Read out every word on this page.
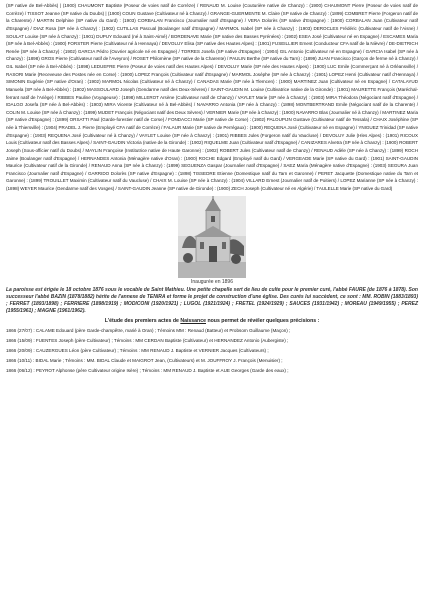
(SP native de Bel-Abbès) | (1900) CHAUMONT Baptiste (Poseur de voies natif de Corrèze) / RENAUD M. Louise (Couturière native de Chanzy) : (1900) CHAUMONT Pierre (Poseur de voies natif de Corrèze) / TISSOT Jeanne (SP native du Doubs) | (1900) COUN Gustave (Cultivateur né à Chanzy) / GRANGE-GUERMENTE M. Claire (SP native de Chanzy) : (1899) COMBRET Pierre (Forgeron natif de la Charente) / MARTIN Delphine (SP native du Gard) : (1903) CORBALAN Francisco (Journalier natif d'Espagne) / VERA Dolorès (SP native d'Espagne) : (1900) CORBALAN Juan (Cultivateur natif d'Espagne) / DIAZ Rosa (SP née à Chanzy) : (1902) CUTILLAS Pascual (Boulanger natif d'Espagne) / MARMOL Isabel (SP née à Chanzy) : (1903) DEROCLES Frédéric (Cultivateur natif de l'Aisne) / SOULAT Louise (SP née à Chanzy) : (1901) DUPUY Edouard (né à Saint-Aimé) / BORDENAVE Marie (SP native des Basses Pyrénées) : (1902) ESEA José (Cultivateur né en Espagne) / ESCAMES Maria (SP née à Bel-Abbès) : (1900) FORSTER Pierre (Cultivateur né à Hennaya) / DEVOLUY Elisa (SP native des Hautes Alpes) : (1901) FUSEILLIER Ernest (Conducteur CFA natif de la Nièvre) / DE-DIETRICH Renée (SP née à Chanzy) : (1902) GARCIA Pédro (Ouvrier agricole né en Espagne) / TORRES Josefa (SP native d'Espagne) : (1904) GIL Antonio (Cultivateur né en Espagne) / GARCIA Isabel (SP née à Chanzy) : (1898) GROS Pierre (Cultivateur natif de l'Aveyron) / ROSET Philomène (SP native de la Charente) / PAULIN Berthe (SP native du Tarn) : (1899) JUAN Francisco (Garçon de ferme né à Chanzy) / GIL Isabel (SP née à Bel-Abbès) : (1898) LEDUEFRE Pierre (Poseur de voies natif des Hautes Alpes) / DEVOLUY Marie (SP née des Hautes Alpes) : (1900) LUC Emile (Commerçant né à Orléansville) / RASORI Marie (Receveuse des Postes née en Corse) : (1900) LOPEZ François (Cultivateur natif d'Espagne) / MARMOL Joséphe (SP née à Chanzy) : (1901) LOPEZ Henri (Cultivateur natif d'Hennaya) / SIMONIN Eugénie (SP native d'Oran) : (1902) MARMOL Nicolas (Cultivateur né à Chanzy) / CANADAS Marie (SP née à Tlemcen) : (1900) MARTINEZ Juan (Cultivateur né en Espagne) / CATALAYUD Manuela (SP née à Bel-Abbès) : (1902) MASSOULARD Joseph (Gendarme natif des Deux-Sèvres) / SAINT-GAUDIN M. Louise (Cultivatrice native de la Gironde) : (1901) MAURETTE François (Maréchal-ferrant natif de l'Ariège) / RIBBES Pauline (Voyageuse) : (1898) MILLEROT Arsène (Cultivateur natif de Chanzy) / VAYLET Marie (SP née à Chanzy) : (1903) MIRA Théodora (Négociant natif d'Espagne) / IDALGO Josefa (SP née à Bel-Abbès) : (1903) MIRA Vicente (Cultivateur né à Bel-Abbès) / NAVARRO Antonia (SP née à Chanzy) : (1898) MONTBERTRAND Emile (Négociant natif de la Charente) / COLIN M. Louise (SP née à Chanzy) : (1899) MUDET François (Négociant natif des Deux Sèvres) / VERNIER Marie (SP née à Chanzy) : (1900) NAVARRO Blas (Journalier né à Chanzy) / MARTINEZ Maria (SP native d'Espagne) : (1899) ORSATTI Paul (Garde-forestier natif de Corse) / FONDACCI Marie (SP native de Corse) : (1902) PALOUPIJN Gustave (Cultivateur natif de Tessala) / CHAIX Joséphine (SP née à Thiersville) : (1904) PRADEL J. Pierre (Employé CFA natif de Corrèze) / FALAUR Marie (SP native de Perrégaux) : (1900) REQUENA José (Cultivateur né en Espagne) / YNIGUEZ Trinidad (SP native d'Espagne) : (1903) REQUENA José (Cultivateur né à Chanzy) / VAYLET Louise (SP née à Chanzy) : (1901) RIBBES Jules (Forgeron natif du Vaucluse) / DEVOLUY Julie (Hles Alpes) : (1901) RICOUX Louis (Cultivateur natif des Basses Alpes) / SAINT-GAUDIN Victoria (native de la Gironde) : (1902) RIQUELME Juan (Cultivateur natif d'Espagne) / CANIZARES Alvetra (SP née à Chanzy) : (1900) ROBERT Joseph (Sous-officier natif du Doubs) / MAYLIN Françoise (Institutrice native de Haute Garonne) : (1902) ROBERT Jules (Cultivateur natif de Chanzy) / RENAUD Adèle (SP née à Chanzy) : (1899) ROCH Jaime (Boulanger natif d'Espagne) / HERNANDES Antonia (Ménagère native d'Oran) : (1900) ROCHE Edgard (Employé natif du Gard) / VERGEADE Marie (SP native du Gard) : (1901) SAINT-GAUDIN Maurice (Cultivateur natif de la Gironde) / RENAUD Anna (SP née à Chanzy) : (1899) SEGUENZA Gaspar (Journalier natif d'Espagne) / SAEZ Maria (Ménagère native d'Espagne) : (1903) SEGURA Juan Francisco (Journalier natif d'Espagne) / GARRIDO Dolorès (SP native d'Espagne) : (1898) TISSEDRE Etienne (Domestique natif du Tarn et Garonne) / PERET Jacquette (Domestique native du Tarn et Garonne) : (1899) TROUILLET Maximin (Cultivateur natif du Vaucluse) / CHAIX M. Louise (SP née à Chanzy) : (1904) VILLARD Ernest (Journalier natif de Poitiers) / LOPEZ Marianne (SP née à Chanzy) : (1898) WEYER Maurice (Gendarme natif des Vosges) / SAINT-GAUDIN Jeanne (SP native de Gironde) : (1900) ZECH Joseph (Cultivateur né en Algérie) / TAULELLE Marie (SP native du Gard)

Inaugurée en 1896
La paroisse est érigée le 18 octobre 1876 sous le vocable de Saint Mathieu. Une petite chapelle sert de lieu de culte pour le premier curé, l'abbé FAURE (de 1876 à 1878). Son successeur l'abbé BAZIN (1878/1882) hérite de l'annexe de TENIRA et forme le projet de construction d'une église. Des curés lui succèdent, ce sont : MM. ROBIN (1883/1893) ; FERRET (1893/1898) ; FERRIERE (1898/1919) ; MODICONI (1920/1921) ; LUGOL (1921/1924) ; FRETEL (1924/1929) ; SAUCES (1931/1942) ; MOREAU (1949/1955) ; PEREZ (1955/1961) ; MAGNE (1961/1962).
L'étude des premiers actes de Naissance nous permet de révéler quelques précisions :
1866 (27/07) : CALAME Edouard (père Garde-champêtre, marié à Oran) ; Témoins MM : Renaud (Batteur) et Probsom Guillaume (Maçon) ;
1866 (15/09) : FUENTES Joseph (père Cultivateur) ; Témoins : MM CERDAN Baptiste (Cultivateur) et HERNANDEZ Antonio (Aubergiste) ;
1866 (20/09) : CAUZERGUES Léon (père Cultivateur) ; Témoins : MM RENAUD J. Baptiste et VERNIER Jacques (Cultivateurs) ;
1866 (10/11) : BIDAL Marie ; Témoins : MM. BIDAL Claude et MAIGROT Jean, (Cultivateurs) et M. JOUFFROY J. François (Menuisier) ;
1866 (06/12) : PEYROT Alphonse (père Cultivateur origine Isère) ; Témoins : MM RENAUD J. Baptiste et AUE Georges (Garde des eaux) ;
